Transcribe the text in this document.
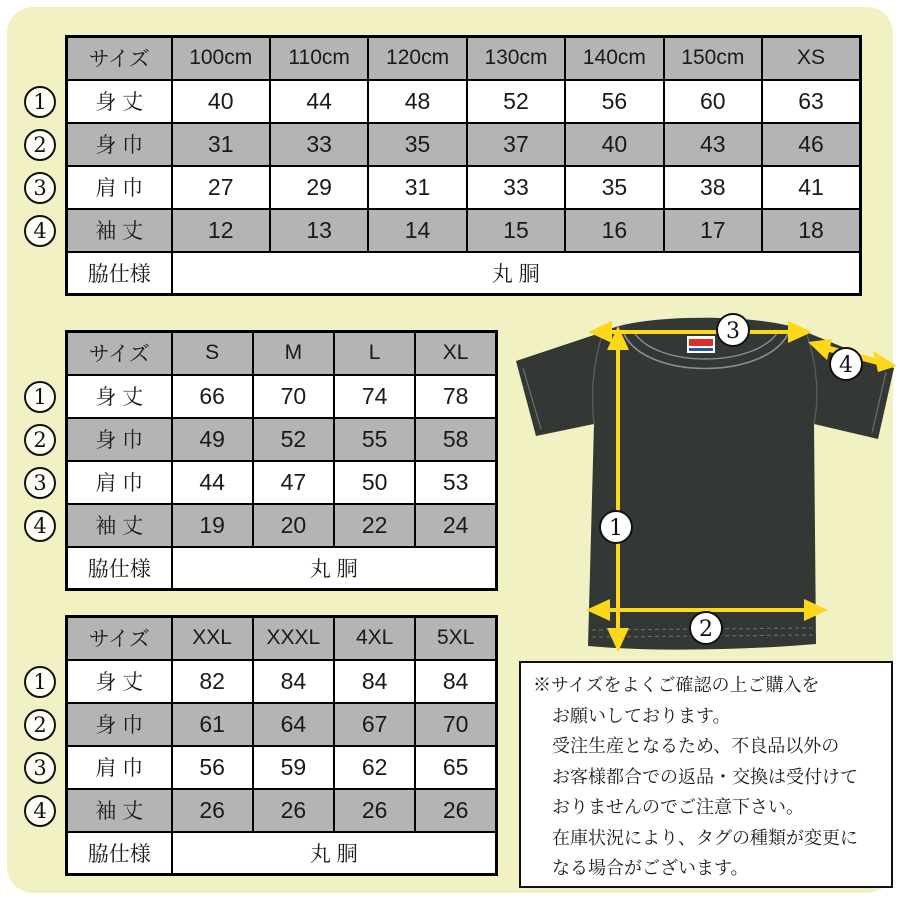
サイズ	100cm	110cm	120cm	130cm	140cm	150cm	XS
身 丈	40	44	48	52	56	60	63
身 巾	31	33	35	37	40	43	46
肩 巾	27	29	31	33	35	38	41
袖 丈	12	13	14	15	16	17	18
脇仕様	丸 胴						
サイズ	S	M	L	XL
身 丈	66	70	74	78
身 巾	49	52	55	58
肩 巾	44	47	50	53
袖 丈	19	20	22	24
脇仕様	丸 胴			
サイズ	XXL	XXXL	4XL	5XL
身 丈	82	84	84	84
身 巾	61	64	67	70
肩 巾	56	59	62	65
袖 丈	26	26	26	26
脇仕様	丸 胴			
1
2
3
4
1
2
3
4
1
2
3
4
3
4
1
2
※サイズをよくご確認の上ご購入を
お願いしております。
受注生産となるため、不良品以外の
お客様都合での返品・交換は受付けて
おりませんのでご注意下さい。
在庫状況により、タグの種類が変更に
なる場合がございます。
